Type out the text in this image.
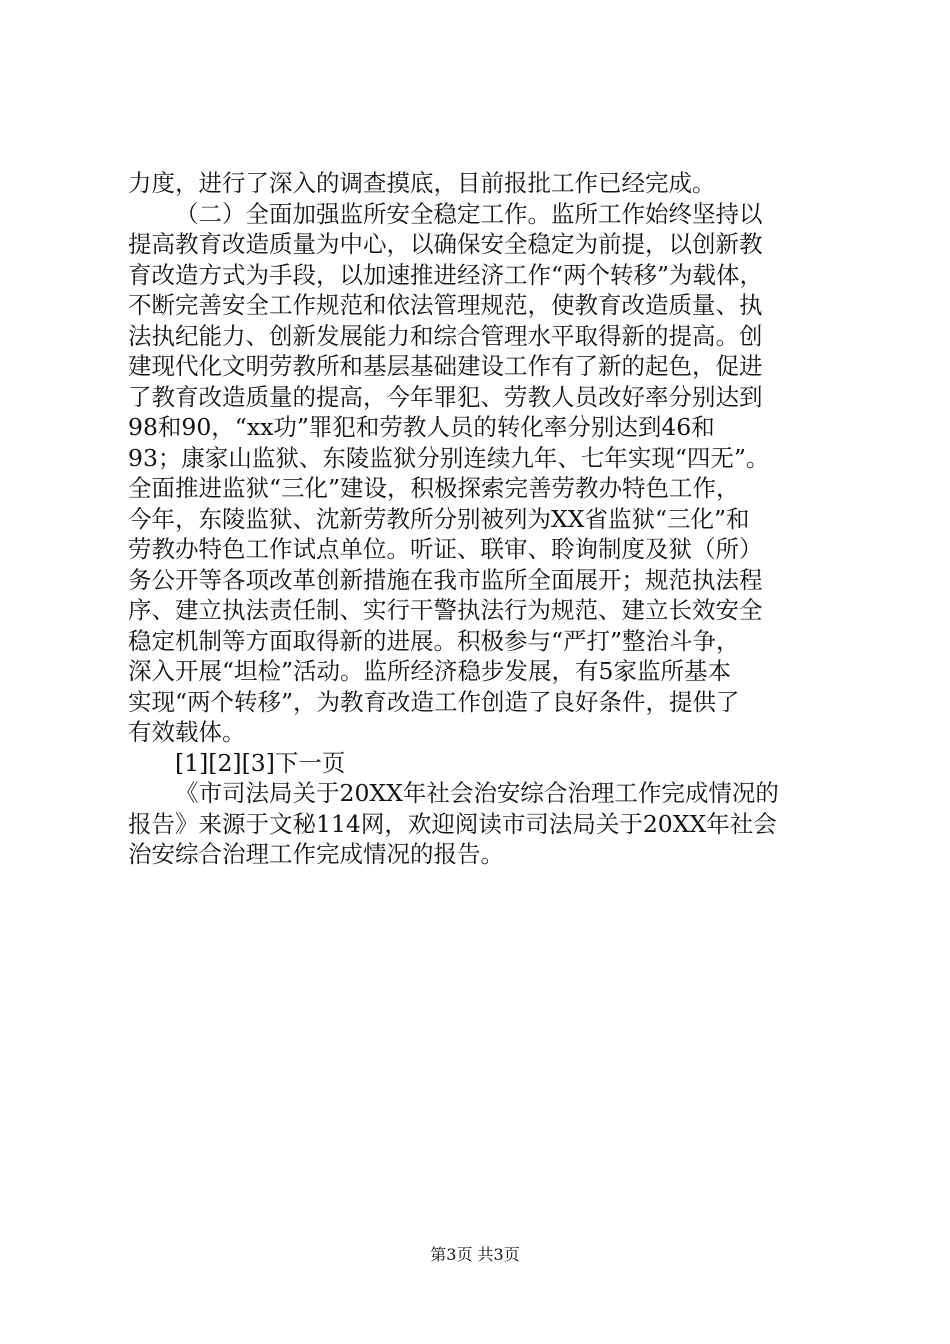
力度，进行了深入的调查摸底，目前报批工作已经完成。
（二）全面加强监所安全稳定工作。监所工作始终坚持以
提高教育改造质量为中心，以确保安全稳定为前提，以创新教
育改造方式为手段，以加速推进经济工作“两个转移”为载体，
不断完善安全工作规范和依法管理规范，使教育改造质量、执
法执纪能力、创新发展能力和综合管理水平取得新的提高。创
建现代化文明劳教所和基层基础建设工作有了新的起色，促进
了教育改造质量的提高，今年罪犯、劳教人员改好率分别达到
98和90，“xx功”罪犯和劳教人员的转化率分别达到46和
93；康家山监狱、东陵监狱分别连续九年、七年实现“四无”。
全面推进监狱“三化”建设，积极探索完善劳教办特色工作，
今年，东陵监狱、沈新劳教所分别被列为XX省监狱“三化”和
劳教办特色工作试点单位。听证、联审、聆询制度及狱（所）
务公开等各项改革创新措施在我市监所全面展开；规范执法程
序、建立执法责任制、实行干警执法行为规范、建立长效安全
稳定机制等方面取得新的进展。积极参与“严打”整治斗争，
深入开展“坦检”活动。监所经济稳步发展，有5家监所基本
实现“两个转移”，为教育改造工作创造了良好条件，提供了
有效载体。
[1][2][3]下一页
《市司法局关于20XX年社会治安综合治理工作完成情况的
报告》来源于文秘114网，欢迎阅读市司法局关于20XX年社会
治安综合治理工作完成情况的报告。
第3页 共3页
